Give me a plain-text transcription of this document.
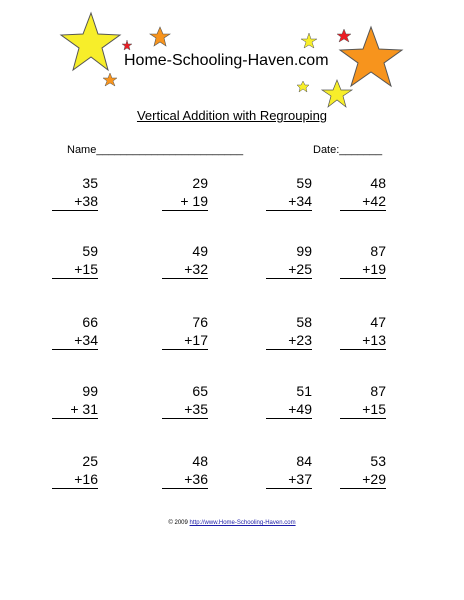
Home-Schooling-Haven.com
Vertical Addition with Regrouping
Name________________________	Date:_______
35
+38
29
+ 19
59
+34
48
+42
59
+15
49
+32
99
+25
87
+19
66
+34
76
+17
58
+23
47
+13
99
+ 31
65
+35
51
+49
87
+15
25
+16
48
+36
84
+37
53
+29
© 2009 http://www.Home-Schooling-Haven.com
